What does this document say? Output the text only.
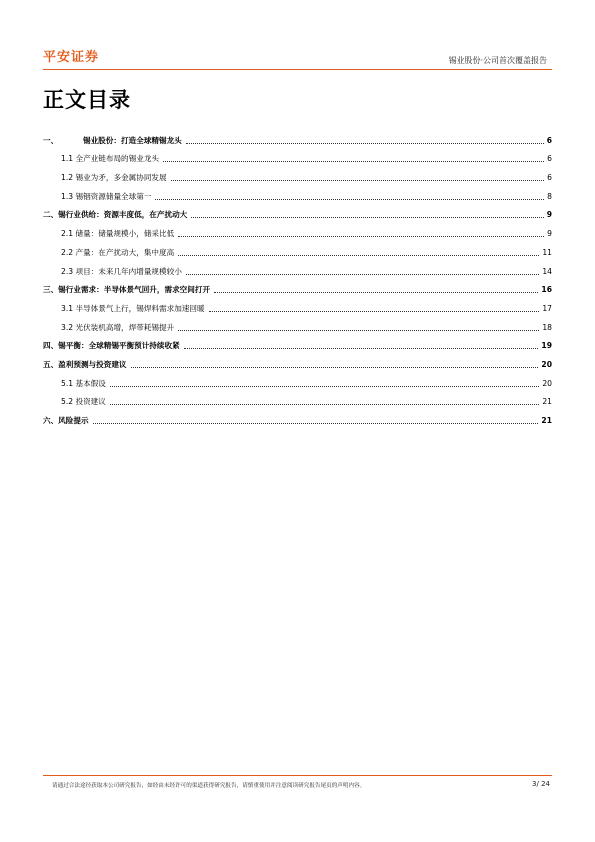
平安证券	锡业股份·公司首次覆盖报告
正文目录
一、	锡业股份：打造全球精锡龙头	6
1.1 全产业链布局的锡业龙头	6
1.2 锡业为矛，多金属协同发展	6
1.3 锡铟资源储量全球第一	8
二、锡行业供给：资源丰度低，在产扰动大	9
2.1 储量：储量规模小，储采比低	9
2.2 产量：在产扰动大，集中度高	11
2.3 项目：未来几年内增量规模较小	14
三、锡行业需求：半导体景气回升，需求空间打开	16
3.1 半导体景气上行，锡焊料需求加速回暖	17
3.2 光伏装机高增，焊带耗锡提升	18
四、锡平衡：全球精锡平衡预计持续收紧	19
五、盈利预测与投资建议	20
5.1 基本假设	20
5.2 投资建议	21
六、风险提示	21
请通过合法途径获取本公司研究报告，如经由未经许可的渠道获得研究报告，请慎重使用并注意阅读研究报告尾页的声明内容。	3/ 24
